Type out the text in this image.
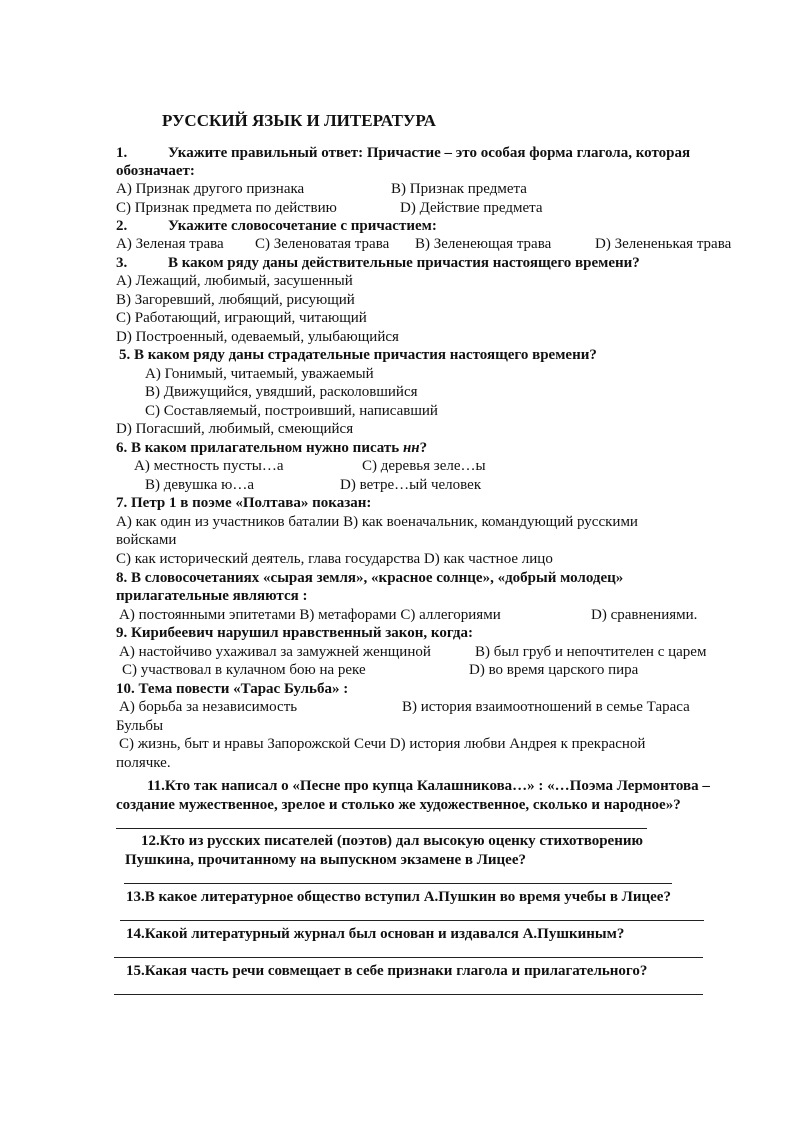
РУССКИЙ ЯЗЫК И ЛИТЕРАТУРА
1.	Укажите правильный ответ: Причастие – это особая форма глагола, которая
обозначает:
А) Признак другого признака	В) Признак предмета
С) Признак предмета по действию	D) Действие предмета
2.	Укажите словосочетание с причастием:
А) Зеленая трава С) Зеленоватая трава В) Зеленеющая трава	D) Зелененькая трава
3.	В каком ряду даны действительные причастия настоящего времени?
А) Лежащий, любимый, засушенный
В) Загоревший, любящий, рисующий
С) Работающий, играющий, читающий
D) Построенный, одеваемый, улыбающийся
5. В каком ряду даны страдательные причастия настоящего времени?
А) Гонимый, читаемый, уважаемый
В) Движущийся, увядший, расколовшийся
С) Составляемый, построивший, написавший
D) Погасший, любимый, смеющийся
6. В каком прилагательном нужно писать нн?
А) местность пусты…а	С) деревья зеле…ы
В) девушка ю…а	D) ветре…ый человек
7. Петр 1 в поэме «Полтава» показан:
А) как один из участников баталии В) как военачальник, командующий русскими
войсками
С) как исторический деятель, глава государства D) как частное лицо
8. В словосочетаниях «сырая земля», «красное солнце», «добрый молодец»
прилагательные являются :
А) постоянными эпитетами В) метафорами С) аллегориями	D) сравнениями.
9. Кирибеевич нарушил нравственный закон, когда:
А) настойчиво ухаживал за замужней женщиной	В) был груб и непочтителен с царем
С) участвовал в кулачном бою на реке	D) во время царского пира
10. Тема повести «Тарас Бульба» :
А) борьба за независимость	В) история взаимоотношений в семье Тараса
Бульбы
С) жизнь, быт и нравы Запорожской Сечи D) история любви Андрея к прекрасной
полячке.
11.Кто так написал о «Песне про купца Калашникова…» : «…Поэма Лермонтова –
создание мужественное, зрелое и столько же художественное, сколько и народное»?
12.Кто из русских писателей (поэтов) дал высокую оценку стихотворению
Пушкина, прочитанному на выпускном экзамене в Лицее?
13.В какое литературное общество вступил А.Пушкин во время учебы в Лицее?
14.Какой литературный журнал был основан и издавался А.Пушкиным?
15.Какая часть речи совмещает в себе признаки глагола и прилагательного?
